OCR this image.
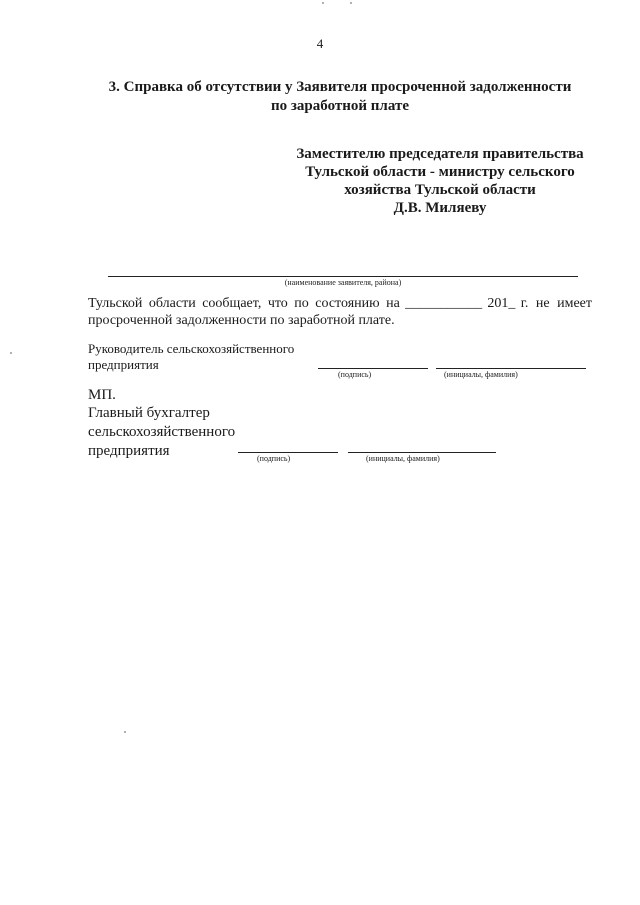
4
3. Справка об отсутствии у Заявителя просроченной задолженности
по заработной плате
Заместителю председателя правительства
Тульской области - министру сельского
хозяйства Тульской области
Д.В. Миляеву
(наименование заявителя, района)
Тульской области сообщает, что по состоянию на ___________ 201_ г. не имеет
просроченной задолженности по заработной плате.
Руководитель сельскохозяйственного
предприятия
(подпись)	(инициалы, фамилия)
МП.
Главный бухгалтер
сельскохозяйственного
предприятия	(подпись)	(инициалы, фамилия)
